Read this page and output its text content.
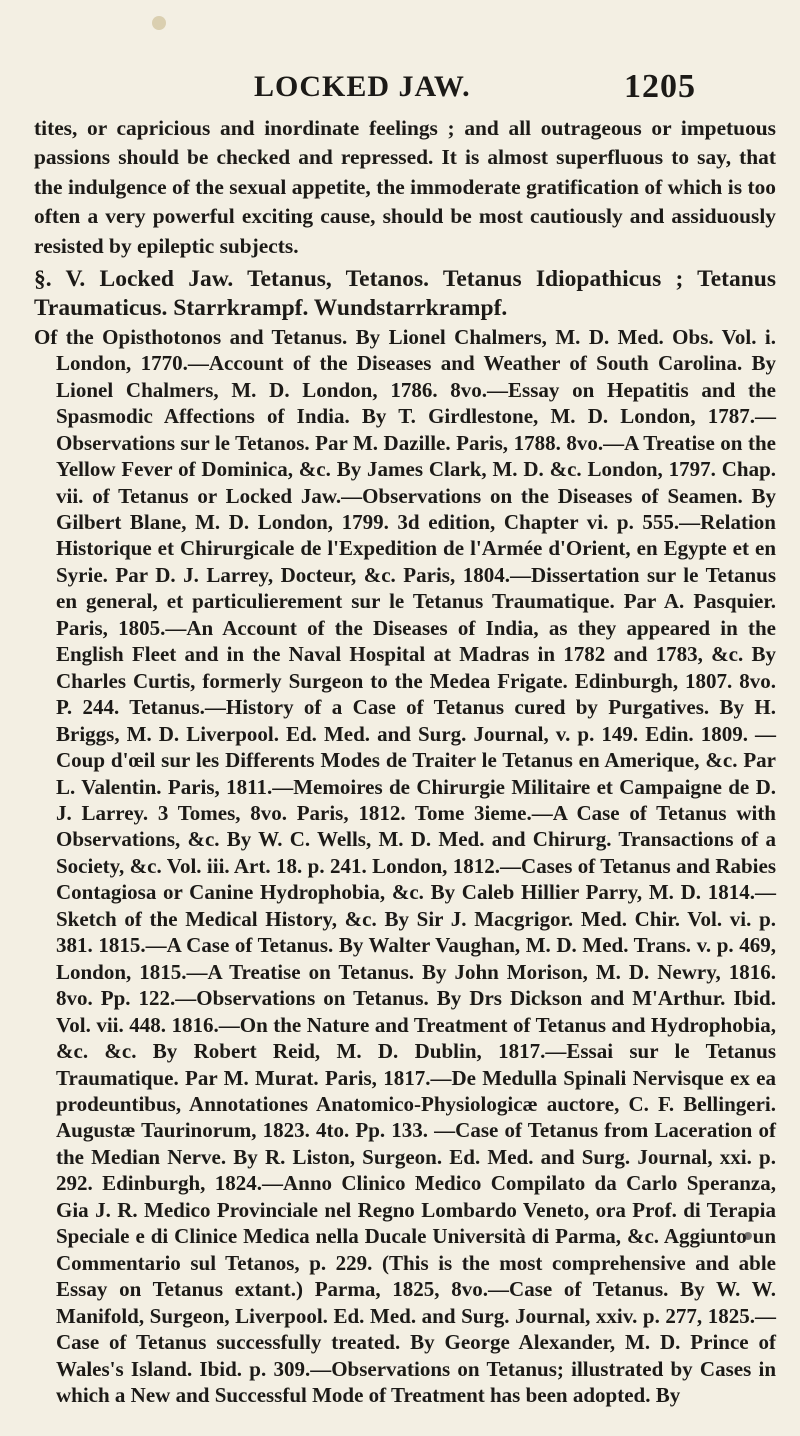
LOCKED JAW.	1205

tites, or capricious and inordinate feelings ; and all outrageous or impetuous passions should be checked and repressed. It is almost superfluous to say, that the indulgence of the sexual appetite, the immoderate gratification of which is too often a very powerful exciting cause, should be most cautiously and assiduously resisted by epileptic subjects.

§. V. Locked Jaw. Tetanus, Tetanos. Tetanus Idiopathicus ; Tetanus Traumaticus. Starrkrampf. Wundstarrkrampf.

Of the Opisthotonos and Tetanus. By Lionel Chalmers, M. D. Med. Obs. Vol. i. London, 1770.—Account of the Diseases and Weather of South Carolina. By Lionel Chalmers, M. D. London, 1786. 8vo.—Essay on Hepatitis and the Spasmodic Affections of India. By T. Girdlestone, M. D. London, 1787.—Observations sur le Tetanos. Par M. Dazille. Paris, 1788. 8vo.—A Treatise on the Yellow Fever of Dominica, &c. By James Clark, M. D. &c. London, 1797. Chap. vii. of Tetanus or Locked Jaw.—Observations on the Diseases of Seamen. By Gilbert Blane, M. D. London, 1799. 3d edition, Chapter vi. p. 555.—Relation Historique et Chirurgicale de l'Expedition de l'Armée d'Orient, en Egypte et en Syrie. Par D. J. Larrey, Docteur, &c. Paris, 1804.—Dissertation sur le Tetanus en general, et particulierement sur le Tetanus Traumatique. Par A. Pasquier. Paris, 1805.—An Account of the Diseases of India, as they appeared in the English Fleet and in the Naval Hospital at Madras in 1782 and 1783, &c. By Charles Curtis, formerly Surgeon to the Medea Frigate. Edinburgh, 1807. 8vo. P. 244. Tetanus.—History of a Case of Tetanus cured by Purgatives. By H. Briggs, M. D. Liverpool. Ed. Med. and Surg. Journal, v. p. 149. Edin. 1809. —Coup d'œil sur les Differents Modes de Traiter le Tetanus en Amerique, &c. Par L. Valentin. Paris, 1811.—Memoires de Chirurgie Militaire et Campaigne de D. J. Larrey. 3 Tomes, 8vo. Paris, 1812. Tome 3ieme.—A Case of Tetanus with Observations, &c. By W. C. Wells, M. D. Med. and Chirurg. Transactions of a Society, &c. Vol. iii. Art. 18. p. 241. London, 1812.—Cases of Tetanus and Rabies Contagiosa or Canine Hydrophobia, &c. By Caleb Hillier Parry, M. D. 1814.—Sketch of the Medical History, &c. By Sir J. Macgrigor. Med. Chir. Vol. vi. p. 381. 1815.—A Case of Tetanus. By Walter Vaughan, M. D. Med. Trans. v. p. 469, London, 1815.—A Treatise on Tetanus. By John Morison, M. D. Newry, 1816. 8vo. Pp. 122.—Observations on Tetanus. By Drs Dickson and M'Arthur. Ibid. Vol. vii. 448. 1816.—On the Nature and Treatment of Tetanus and Hydrophobia, &c. &c. By Robert Reid, M. D. Dublin, 1817.—Essai sur le Tetanus Traumatique. Par M. Murat. Paris, 1817.—De Medulla Spinali Nervisque ex ea prodeuntibus, Annotationes Anatomico-Physiologicæ auctore, C. F. Bellingeri. Augustæ Taurinorum, 1823. 4to. Pp. 133. —Case of Tetanus from Laceration of the Median Nerve. By R. Liston, Surgeon. Ed. Med. and Surg. Journal, xxi. p. 292. Edinburgh, 1824.—Anno Clinico Medico Compilato da Carlo Speranza, Gia J. R. Medico Provinciale nel Regno Lombardo Veneto, ora Prof. di Terapia Speciale e di Clinice Medica nella Ducale Università di Parma, &c. Aggiunto un Commentario sul Tetanos, p. 229. (This is the most comprehensive and able Essay on Tetanus extant.) Parma, 1825, 8vo.—Case of Tetanus. By W. W. Manifold, Surgeon, Liverpool. Ed. Med. and Surg. Journal, xxiv. p. 277, 1825.—Case of Tetanus successfully treated. By George Alexander, M. D. Prince of Wales's Island. Ibid. p. 309.—Observations on Tetanus; illustrated by Cases in which a New and Successful Mode of Treatment has been adopted. By
